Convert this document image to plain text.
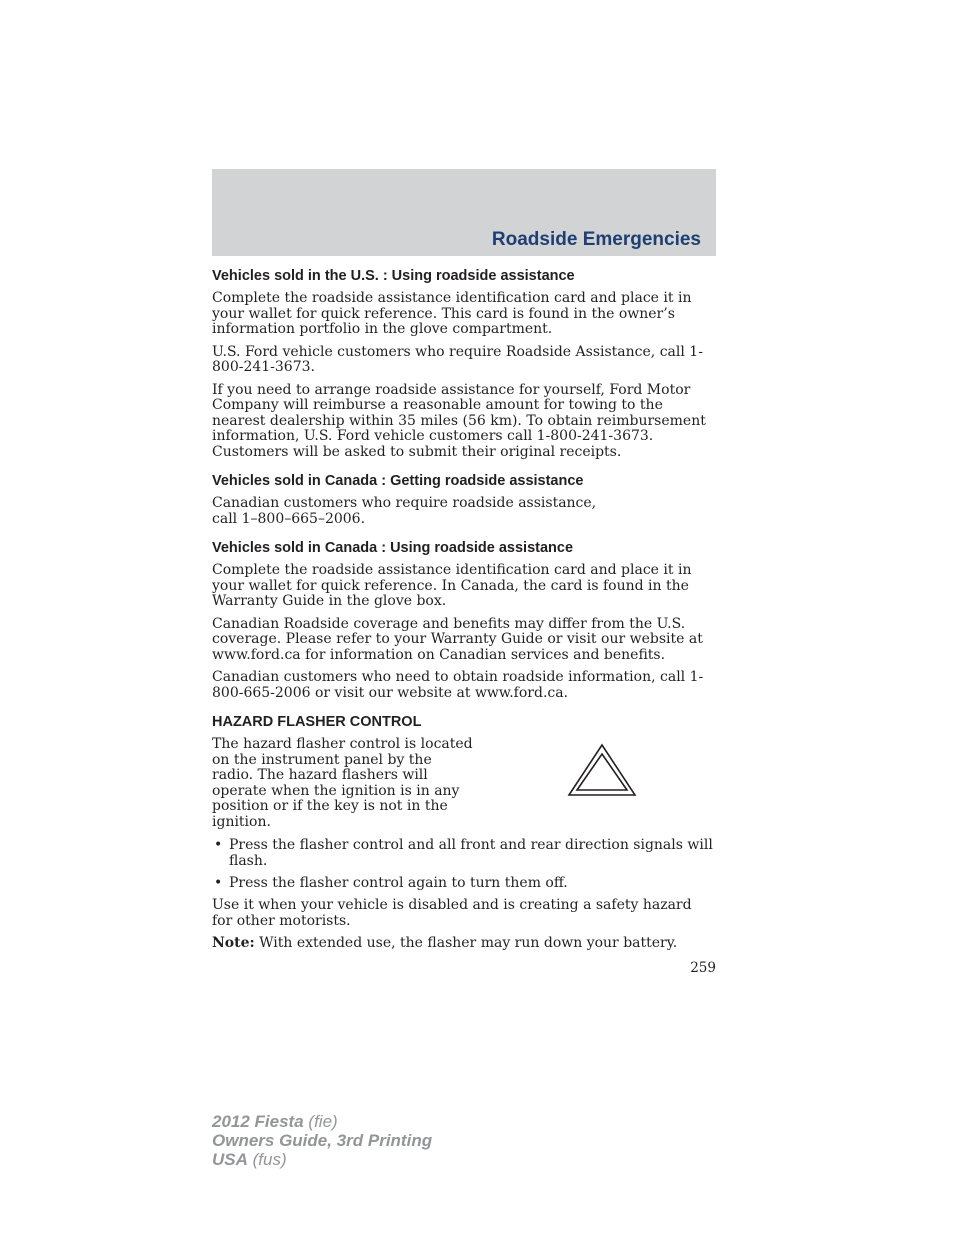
Roadside Emergencies
Vehicles sold in the U.S. : Using roadside assistance

Complete the roadside assistance identification card and place it in your wallet for quick reference. This card is found in the owner’s information portfolio in the glove compartment.

U.S. Ford vehicle customers who require Roadside Assistance, call 1-800-241-3673.

If you need to arrange roadside assistance for yourself, Ford Motor Company will reimburse a reasonable amount for towing to the nearest dealership within 35 miles (56 km). To obtain reimbursement information, U.S. Ford vehicle customers call 1-800-241-3673. Customers will be asked to submit their original receipts.

Vehicles sold in Canada : Getting roadside assistance

Canadian customers who require roadside assistance, call 1–800–665–2006.

Vehicles sold in Canada : Using roadside assistance

Complete the roadside assistance identification card and place it in your wallet for quick reference. In Canada, the card is found in the Warranty Guide in the glove box.

Canadian Roadside coverage and benefits may differ from the U.S. coverage. Please refer to your Warranty Guide or visit our website at www.ford.ca for information on Canadian services and benefits.

Canadian customers who need to obtain roadside information, call 1-800-665-2006 or visit our website at www.ford.ca.

HAZARD FLASHER CONTROL

The hazard flasher control is located on the instrument panel by the radio. The hazard flashers will operate when the ignition is in any position or if the key is not in the ignition.

• Press the flasher control and all front and rear direction signals will flash.
• Press the flasher control again to turn them off.

Use it when your vehicle is disabled and is creating a safety hazard for other motorists.

Note: With extended use, the flasher may run down your battery.

259
2012 Fiesta (fie)
Owners Guide, 3rd Printing
USA (fus)
